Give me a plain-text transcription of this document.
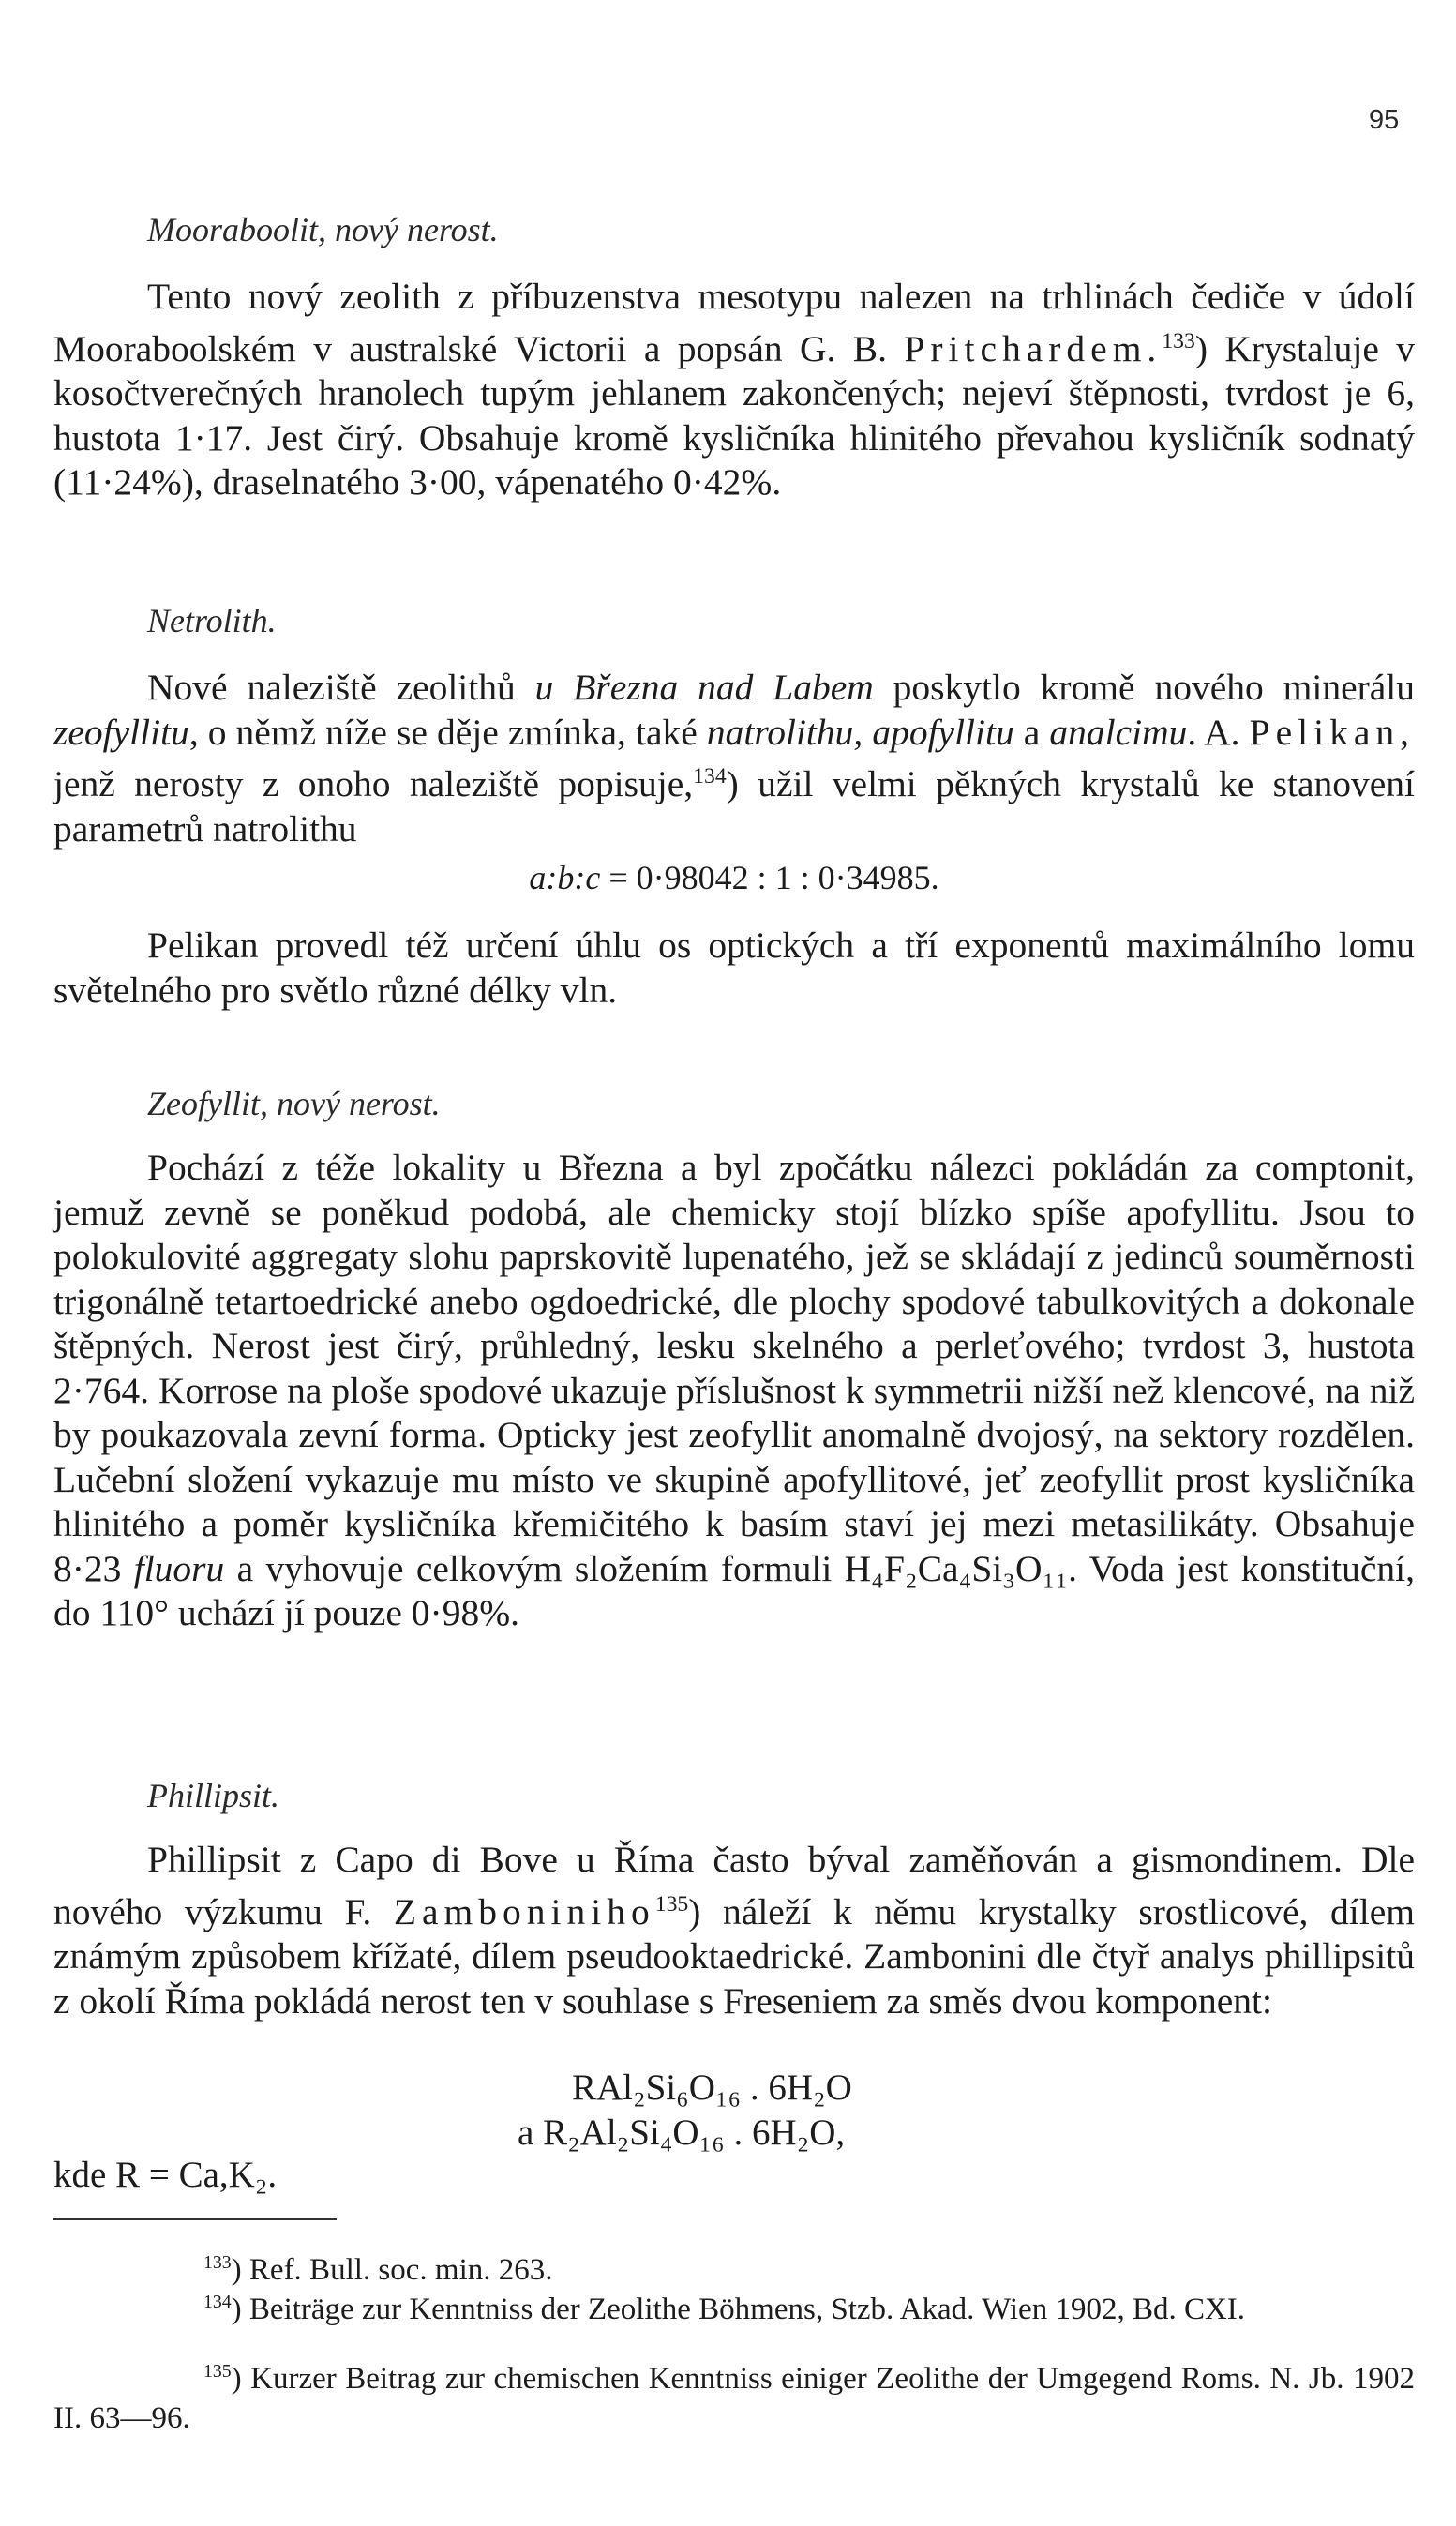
95

Mooraboolit, nový nerost.

Tento nový zeolith z příbuzenstva mesotypu nalezen na trhlinách čediče v údolí Mooraboolském v australské Victorii a popsán G. B. Pritchardem.$^{133}$) Krystaluje v kosočtverečných hranolech tupým jehlanem zakončených; nejeví štěpnosti, tvrdost je 6, hustota 1·17. Jest čirý. Obsahuje kromě kysličníka hlinitého převahou kysličník sodnatý (11·24%), draselnatého 3·00, vápenatého 0·42%.

Netrolith.

Nové naleziště zeolithů u Března nad Labem poskytlo kromě nového minerálu zeofyllitu, o němž níže se děje zmínka, také natrolithu, apofyllitu a analcimu. A. Pelikan, jenž nerosty z onoho naleziště popisuje,$^{134}$) užil velmi pěkných krystalů ke stanovení parametrů natrolithu

a:b:c = 0·98042 : 1 : 0·34985.

Pelikan provedl též určení úhlu os optických a tří exponentů maximálního lomu světelného pro světlo různé délky vln.

Zeofyllit, nový nerost.

Pochází z téže lokality u Března a byl zpočátku nálezci pokládán za comptonit, jemuž zevně se poněkud podobá, ale chemicky stojí blízko spíše apofyllitu. Jsou to polokulovité aggregaty slohu paprskovitě lupenatého, jež se skládají z jedinců souměrnosti trigonálně tetartoedrické anebo ogdoedrické, dle plochy spodové tabulkovitých a dokonale štěpných. Nerost jest čirý, průhledný, lesku skelného a perleťového; tvrdost 3, hustota 2·764. Korrose na ploše spodové ukazuje příslušnost k symmetrii nižší než klencové, na niž by poukazovala zevní forma. Opticky jest zeofyllit anomalně dvojosý, na sektory rozdělen. Lučební složení vykazuje mu místo ve skupině apofyllitové, jeť zeofyllit prost kysličníka hlinitého a poměr kysličníka křemičitého k basím staví jej mezi metasilikáty. Obsahuje 8·23 fluoru a vyhovuje celkovým složením formuli H₄F₂Ca₄Si₃O₁₁. Voda jest konstituční, do 110° uchází jí pouze 0·98%.

Phillipsit.

Phillipsit z Capo di Bove u Říma často býval zaměňován a gismondinem. Dle nového výzkumu F. Zamboniniho$^{135}$) náleží k němu krystalky srostlicové, dílem známým způsobem křížaté, dílem pseudooktaedrické. Zambonini dle čtyř analys phillipsitů z okolí Říma pokládá nerost ten v souhlase s Freseniem za směs dvou komponent:

RAl₂Si₆O₁₆ . 6H₂O
a R₂Al₂Si₄O₁₆ . 6H₂O,
kde R = Ca,K₂.

$^{133}$) Ref. Bull. soc. min. 263.

$^{134}$) Beiträge zur Kenntniss der Zeolithe Böhmens, Stzb. Akad. Wien 1902, Bd. CXI.

$^{135}$) Kurzer Beitrag zur chemischen Kenntniss einiger Zeolithe der Umgegend Roms. N. Jb. 1902 II. 63—96.
